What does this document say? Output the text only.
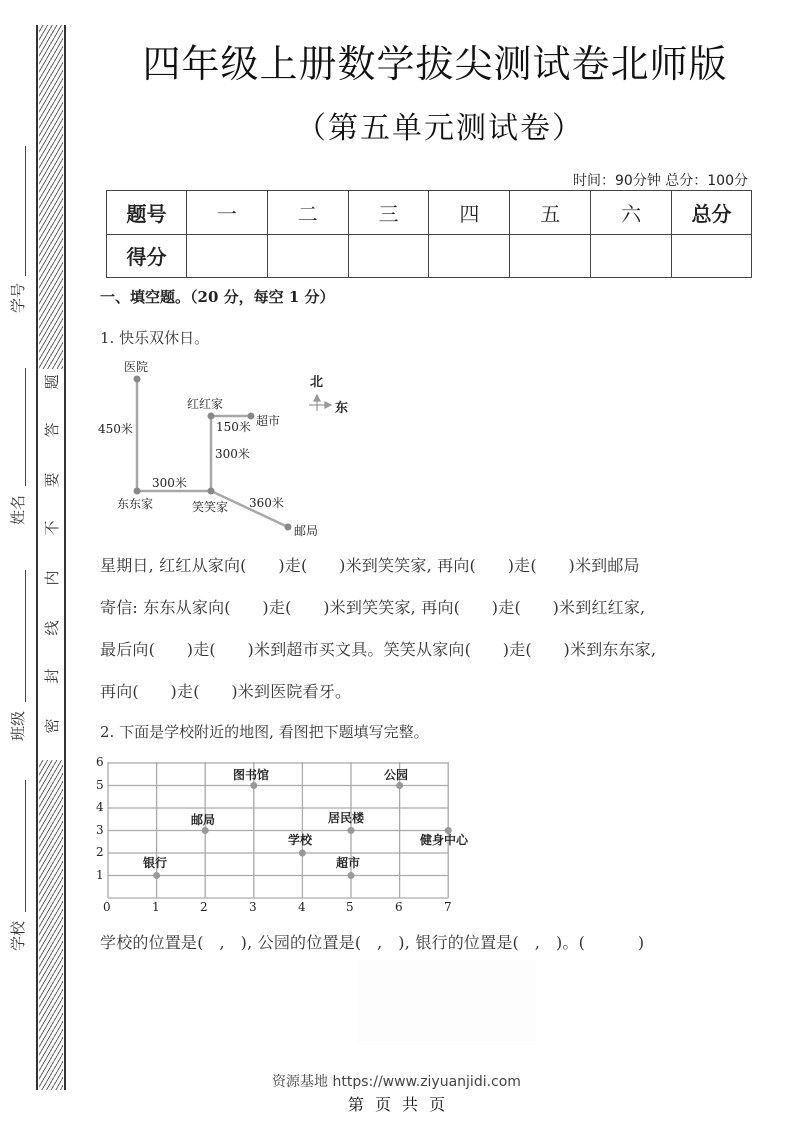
题
答
要
不
内
线
封
密
学号
姓名
班级
学校
四年级上册数学拔尖测试卷北师版
（第五单元测试卷）
时间：90分钟 总分：100分
题号	一	二	三	四	五	六	总分
得分							
一、填空题。（20 分，每空 1 分）
1. 快乐双休日。
北
东
医院
红红家
超市
东东家	笑笑家
邮局
450米	150米
300米
300米
360米
星期日, 红红从家向(      )走(      )米到笑笑家, 再向(      )走(      )米到邮局
寄信: 东东从家向(      )走(      )米到笑笑家, 再向(      )走(      )米到红红家,
最后向(      )走(      )米到超市买文具。笑笑从家向(      )走(      )米到东东家,
再向(      )走(      )米到医院看牙。
2. 下面是学校附近的地图, 看图把下题填写完整。
6
5
4
3
2
1
0	1	2	3	4	5	6	7
银行
邮局
图书馆
学校
居民楼
超市
公园
健身中心
学校的位置是(   ,   ), 公园的位置是(   ,   ), 银行的位置是(   ,   )。(          )
资源基地 https://www.ziyuanjidi.com
第 页 共 页
